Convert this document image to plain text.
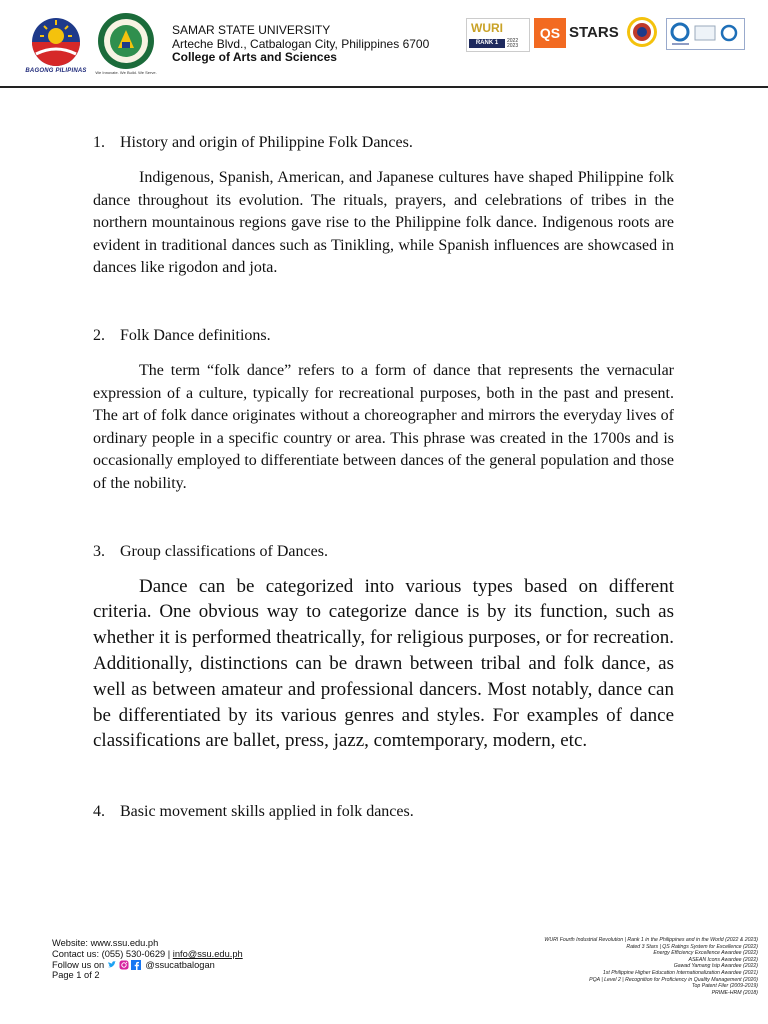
BAGONG PILIPINAS	We Innovate. We Build. We Serve.
SAMAR STATE UNIVERSITY
Arteche Blvd., Catbalogan City, Philippines 6700
College of Arts and Sciences
WURI
RANK 1	2022 2023
QS STARS

1. History and origin of Philippine Folk Dances.

Indigenous, Spanish, American, and Japanese cultures have shaped Philippine folk dance throughout its evolution. The rituals, prayers, and celebrations of tribes in the northern mountainous regions gave rise to the Philippine folk dance. Indigenous roots are evident in traditional dances such as Tinikling, while Spanish influences are showcased in dances like rigodon and jota.

2. Folk Dance definitions.

The term “folk dance” refers to a form of dance that represents the vernacular expression of a culture, typically for recreational purposes, both in the past and present. The art of folk dance originates without a choreographer and mirrors the everyday lives of ordinary people in a specific country or area. This phrase was created in the 1700s and is occasionally employed to differentiate between dances of the general population and those of the nobility.

3. Group classifications of Dances.

Dance can be categorized into various types based on different criteria. One obvious way to categorize dance is by its function, such as whether it is performed theatrically, for religious purposes, or for recreation. Additionally, distinctions can be drawn between tribal and folk dance, as well as between amateur and professional dancers. Most notably, dance can be differentiated by its various genres and styles. For examples of dance classifications are ballet, press, jazz, comtemporary, modern, etc.

4. Basic movement skills applied in folk dances.

Website: www.ssu.edu.ph
Contact us: (055) 530-0629 | info@ssu.edu.ph
Follow us on	@ssucatbalogan
Page 1 of 2
WURI Fourth Industrial Revolution | Rank 1 in the Philippines and in the World (2022 & 2023)
Rated 3 Stars | QS Ratings System for Excellence (2022)
Energy Efficiency Excellence Awardee (2022)
ASEAN Icons Awardee (2022)
Gawad Yamang Isip Awardee (2022)
1st Philippine Higher Education Internationalization Awardee (2021)
PQA | Level 2 | Recognition for Proficiency in Quality Management (2020)
Top Patent Filer (2009-2019)
PRIME-HRM (2018)
